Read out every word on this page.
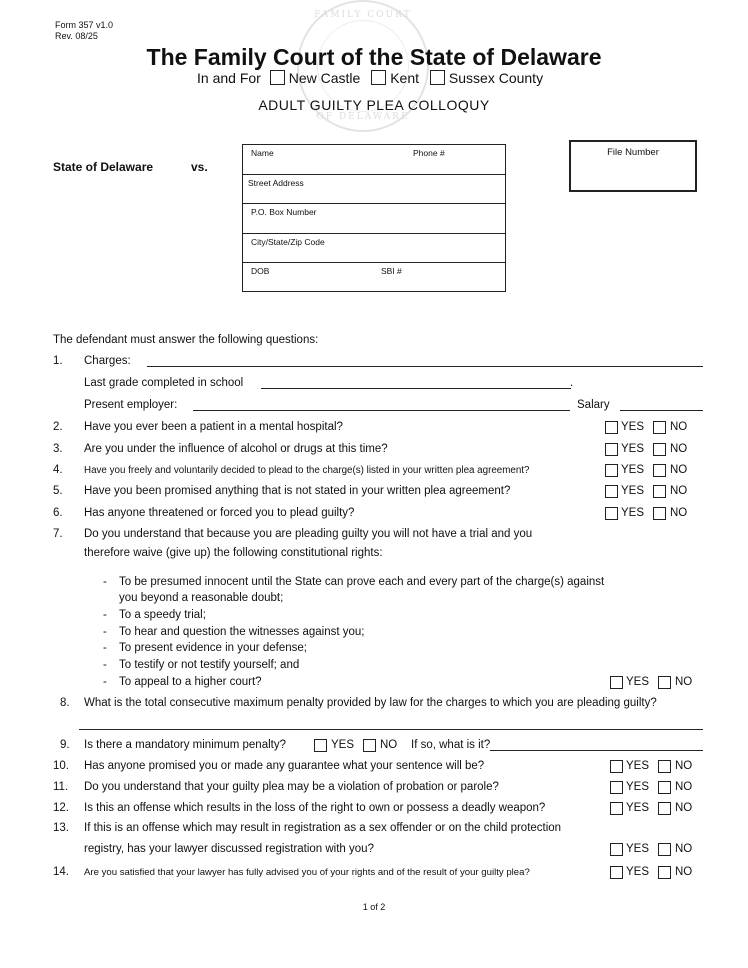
Form 357 v1.0
Rev. 08/25
FAMILY COURT
OF DELAWARE
The Family Court of the State of Delaware
In and For New Castle Kent Sussex County
ADULT GUILTY PLEA COLLOQUY
State of Delaware	vs.
Name	Phone #
Street Address
P.O. Box Number
City/State/Zip Code
DOB	SBI #
File Number
The defendant must answer the following questions:
1. Charges:
Last grade completed in school	.
Present employer:	Salary
2. Have you ever been a patient in a mental hospital?	YES NO
3. Are you under the influence of alcohol or drugs at this time?	YES NO
4. Have you freely and voluntarily decided to plead to the charge(s) listed in your written plea agreement?	YES NO
5. Have you been promised anything that is not stated in your written plea agreement?	YES NO
6. Has anyone threatened or forced you to plead guilty?	YES NO
7. Do you understand that because you are pleading guilty you will not have a trial and you
therefore waive (give up) the following constitutional rights:
- To be presumed innocent until the State can prove each and every part of the charge(s) against
you beyond a reasonable doubt;
- To a speedy trial;
- To hear and question the witnesses against you;
- To present evidence in your defense;
- To testify or not testify yourself; and
- To appeal to a higher court?	YES NO
8. What is the total consecutive maximum penalty provided by law for the charges to which you are pleading guilty?
9. Is there a mandatory minimum penalty?	YES NO If so, what is it?
10. Has anyone promised you or made any guarantee what your sentence will be?	YES NO
11. Do you understand that your guilty plea may be a violation of probation or parole?	YES NO
12. Is this an offense which results in the loss of the right to own or possess a deadly weapon?	YES NO
13. If this is an offense which may result in registration as a sex offender or on the child protection
registry, has your lawyer discussed registration with you?	YES NO
14. Are you satisfied that your lawyer has fully advised you of your rights and of the result of your guilty plea?	YES NO
1 of 2
